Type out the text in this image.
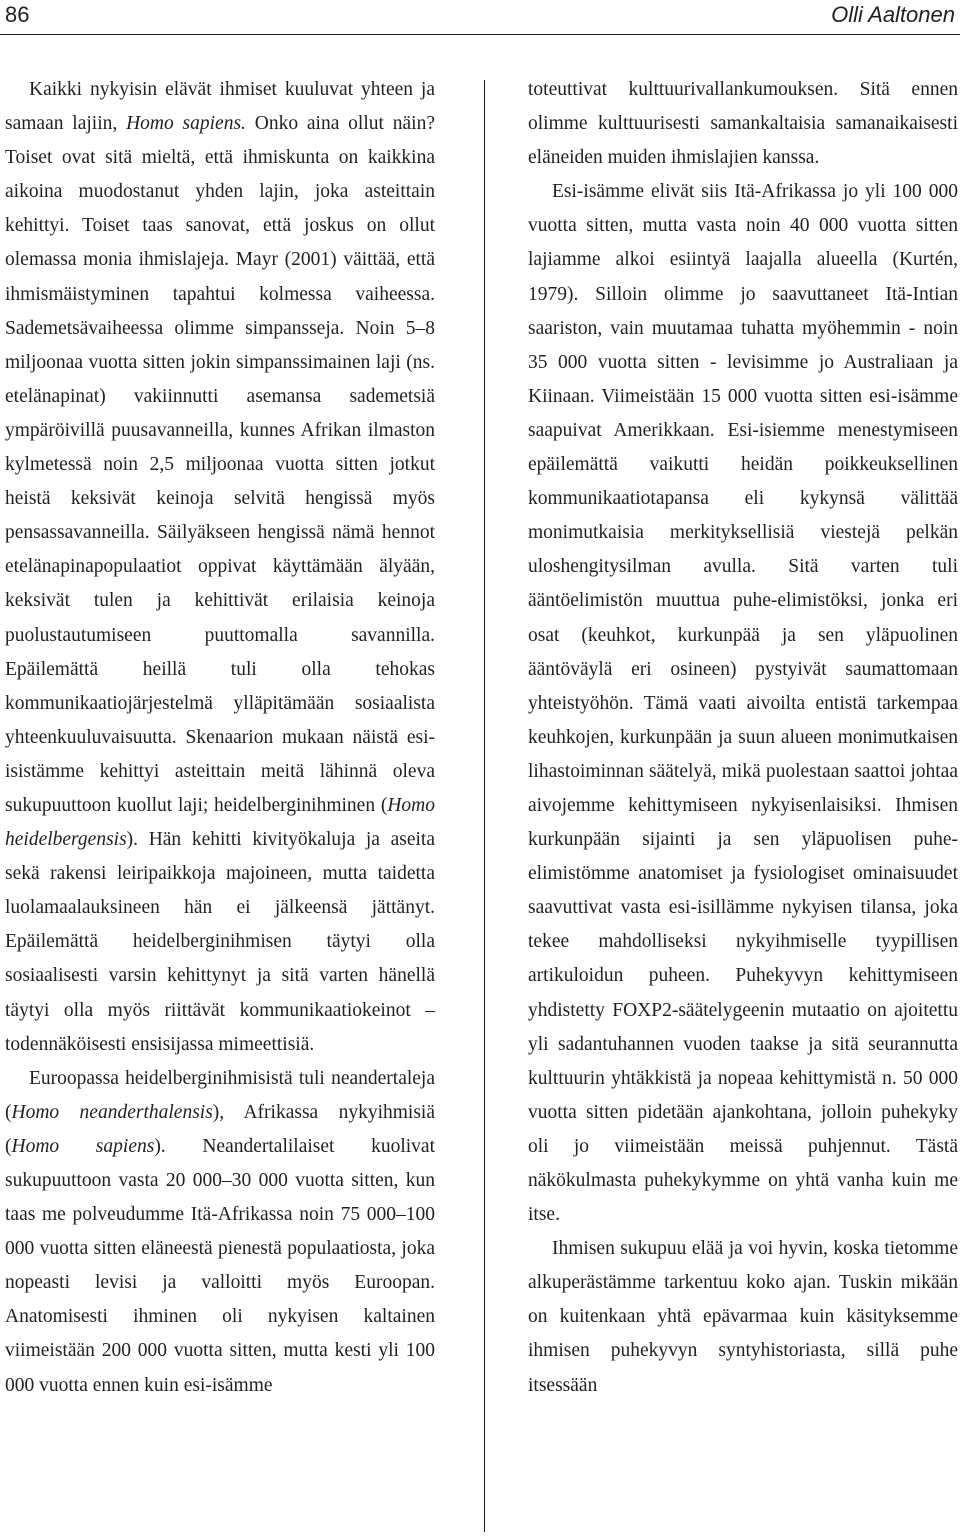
86	Olli Aaltonen

Kaikki nykyisin elävät ihmiset kuuluvat yhteen ja samaan lajiin, Homo sapiens. Onko aina ollut näin? Toiset ovat sitä mieltä, että ihmiskunta on kaikkina aikoina muodostanut yhden lajin, joka asteittain kehittyi. Toiset taas sanovat, että joskus on ollut olemassa monia ihmislajeja. Mayr (2001) väittää, että ihmismäistyminen tapahtui kolmessa vaiheessa. Sademetsävaiheessa olimme simpansseja. Noin 5–8 miljoonaa vuotta sitten jokin simpanssimainen laji (ns. etelänapinat) vakiinnutti asemansa sademetsiä ympäröivillä puusavanneilla, kunnes Afrikan ilmaston kylmetessä noin 2,5 miljoonaa vuotta sitten jotkut heistä keksivät keinoja selvitä hengissä myös pensassavanneilla. Säilyäkseen hengissä nämä hennot etelänapinapopulaatiot oppivat käyttämään älyään, keksivät tulen ja kehittivät erilaisia keinoja puolustautumiseen puuttomalla savannilla. Epäilemättä heillä tuli olla tehokas kommunikaatiojärjestelmä ylläpitämään sosiaalista yhteenkuuluvaisuutta. Skenaarion mukaan näistä esi-isistämme kehittyi asteittain meitä lähinnä oleva sukupuuttoon kuollut laji; heidelberginihminen (Homo heidelbergensis). Hän kehitti kivityökaluja ja aseita sekä rakensi leiripaikkoja majoineen, mutta taidetta luolamaalauksineen hän ei jälkeensä jättänyt. Epäilemättä heidelberginihmisen täytyi olla sosiaalisesti varsin kehittynyt ja sitä varten hänellä täytyi olla myös riittävät kommunikaatiokeinot – todennäköisesti ensisijassa mimeettisiä.

Euroopassa heidelberginihmisistä tuli neandertaleja (Homo neanderthalensis), Afrikassa nykyihmisiä (Homo sapiens). Neandertalilaiset kuolivat sukupuuttoon vasta 20 000–30 000 vuotta sitten, kun taas me polveudumme Itä-Afrikassa noin 75 000–100 000 vuotta sitten eläneestä pienestä populaatiosta, joka nopeasti levisi ja valloitti myös Euroopan. Anatomisesti ihminen oli nykyisen kaltainen viimeistään 200 000 vuotta sitten, mutta kesti yli 100 000 vuotta ennen kuin esi-isämme

toteuttivat kulttuurivallankumouksen. Sitä ennen olimme kulttuurisesti samankaltaisia samanaikaisesti eläneiden muiden ihmislajien kanssa.

Esi-isämme elivät siis Itä-Afrikassa jo yli 100 000 vuotta sitten, mutta vasta noin 40 000 vuotta sitten lajiamme alkoi esiintyä laajalla alueella (Kurtén, 1979). Silloin olimme jo saavuttaneet Itä-Intian saariston, vain muutamaa tuhatta myöhemmin - noin 35 000 vuotta sitten - levisimme jo Australiaan ja Kiinaan. Viimeistään 15 000 vuotta sitten esi-isämme saapuivat Amerikkaan. Esi-isiemme menestymiseen epäilemättä vaikutti heidän poikkeuksellinen kommunikaatiotapansa eli kykynsä välittää monimutkaisia merkityksellisiä viestejä pelkän uloshengitysilman avulla. Sitä varten tuli ääntöelimistön muuttua puhe-elimistöksi, jonka eri osat (keuhkot, kurkunpää ja sen yläpuolinen ääntöväylä eri osineen) pystyivät saumattomaan yhteistyöhön. Tämä vaati aivoilta entistä tarkempaa keuhkojen, kurkunpään ja suun alueen monimutkaisen lihastoiminnan säätelyä, mikä puolestaan saattoi johtaa aivojemme kehittymiseen nykyisenlaisiksi. Ihmisen kurkunpään sijainti ja sen yläpuolisen puhe-elimistömme anatomiset ja fysiologiset ominaisuudet saavuttivat vasta esi-isillämme nykyisen tilansa, joka tekee mahdolliseksi nykyihmiselle tyypillisen artikuloidun puheen. Puhekyvyn kehittymiseen yhdistetty FOXP2-säätelygeenin mutaatio on ajoitettu yli sadantuhannen vuoden taakse ja sitä seurannutta kulttuurin yhtäkkistä ja nopeaa kehittymistä n. 50 000 vuotta sitten pidetään ajankohtana, jolloin puhekyky oli jo viimeistään meissä puhjennut. Tästä näkökulmasta puhekykymme on yhtä vanha kuin me itse.

Ihmisen sukupuu elää ja voi hyvin, koska tietomme alkuperästämme tarkentuu koko ajan. Tuskin mikään on kuitenkaan yhtä epävarmaa kuin käsityksemme ihmisen puhekyvyn syntyhistoriasta, sillä puhe itsessään
